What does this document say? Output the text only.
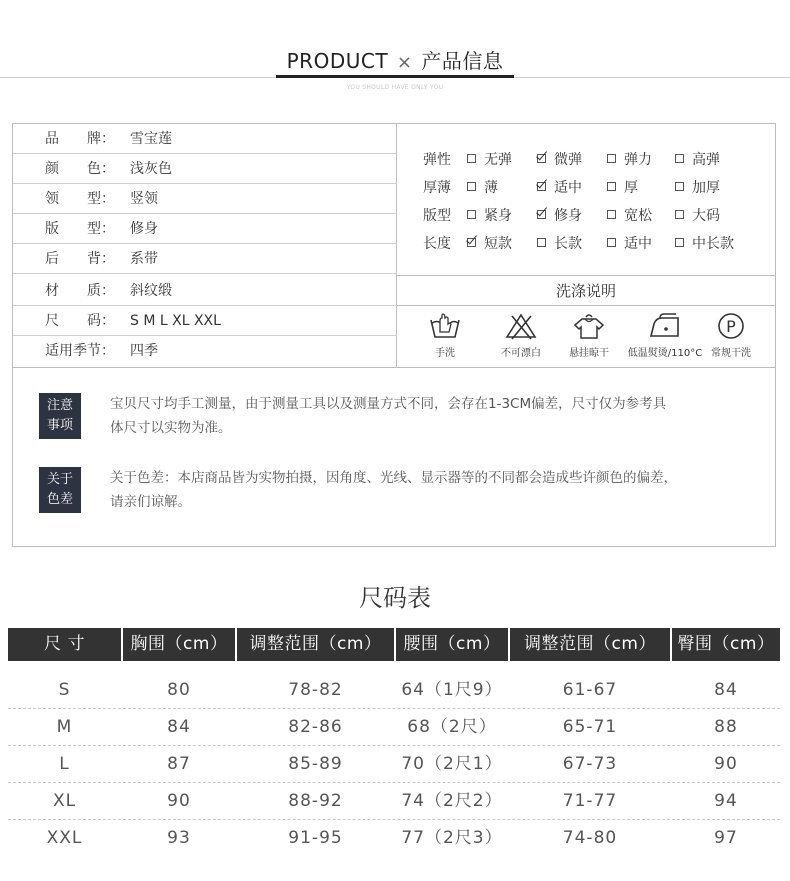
PRODUCT × 产品信息
YOU SHOULD HAVE ONLY YOU
品　　牌：	雪宝莲
颜　　色：	浅灰色
领　　型：	竖领
版　　型：	修身
后　　背：	系带
材　　质：	斜纹缎
尺　　码：	S M L XL XXL
适用季节：	四季
弹性	无弹	微弹	弹力	高弹
厚薄	薄	适中	厚	加厚
版型	紧身	修身	宽松	大码
长度	短款	长款	适中	中长款
洗涤说明
手洗	不可漂白	悬挂晾干	低温熨烫/110°C
P
常规干洗
注意
事项
宝贝尺寸均手工测量，由于测量工具以及测量方式不同，会存在1-3CM偏差，尺寸仅为参考具
体尺寸以实物为准。
关于
色差
关于色差：本店商品皆为实物拍摄，因角度、光线、显示器等的不同都会造成些许颜色的偏差，
请亲们谅解。
尺码表
尺 寸	胸围（cm）	调整范围（cm）	腰围（cm）	调整范围（cm）	臀围（cm）
S	80	78-82	64（1尺9）	61-67	84
M	84	82-86	68（2尺）	65-71	88
L	87	85-89	70（2尺1）	67-73	90
XL	90	88-92	74（2尺2）	71-77	94
XXL	93	91-95	77（2尺3）	74-80	97
